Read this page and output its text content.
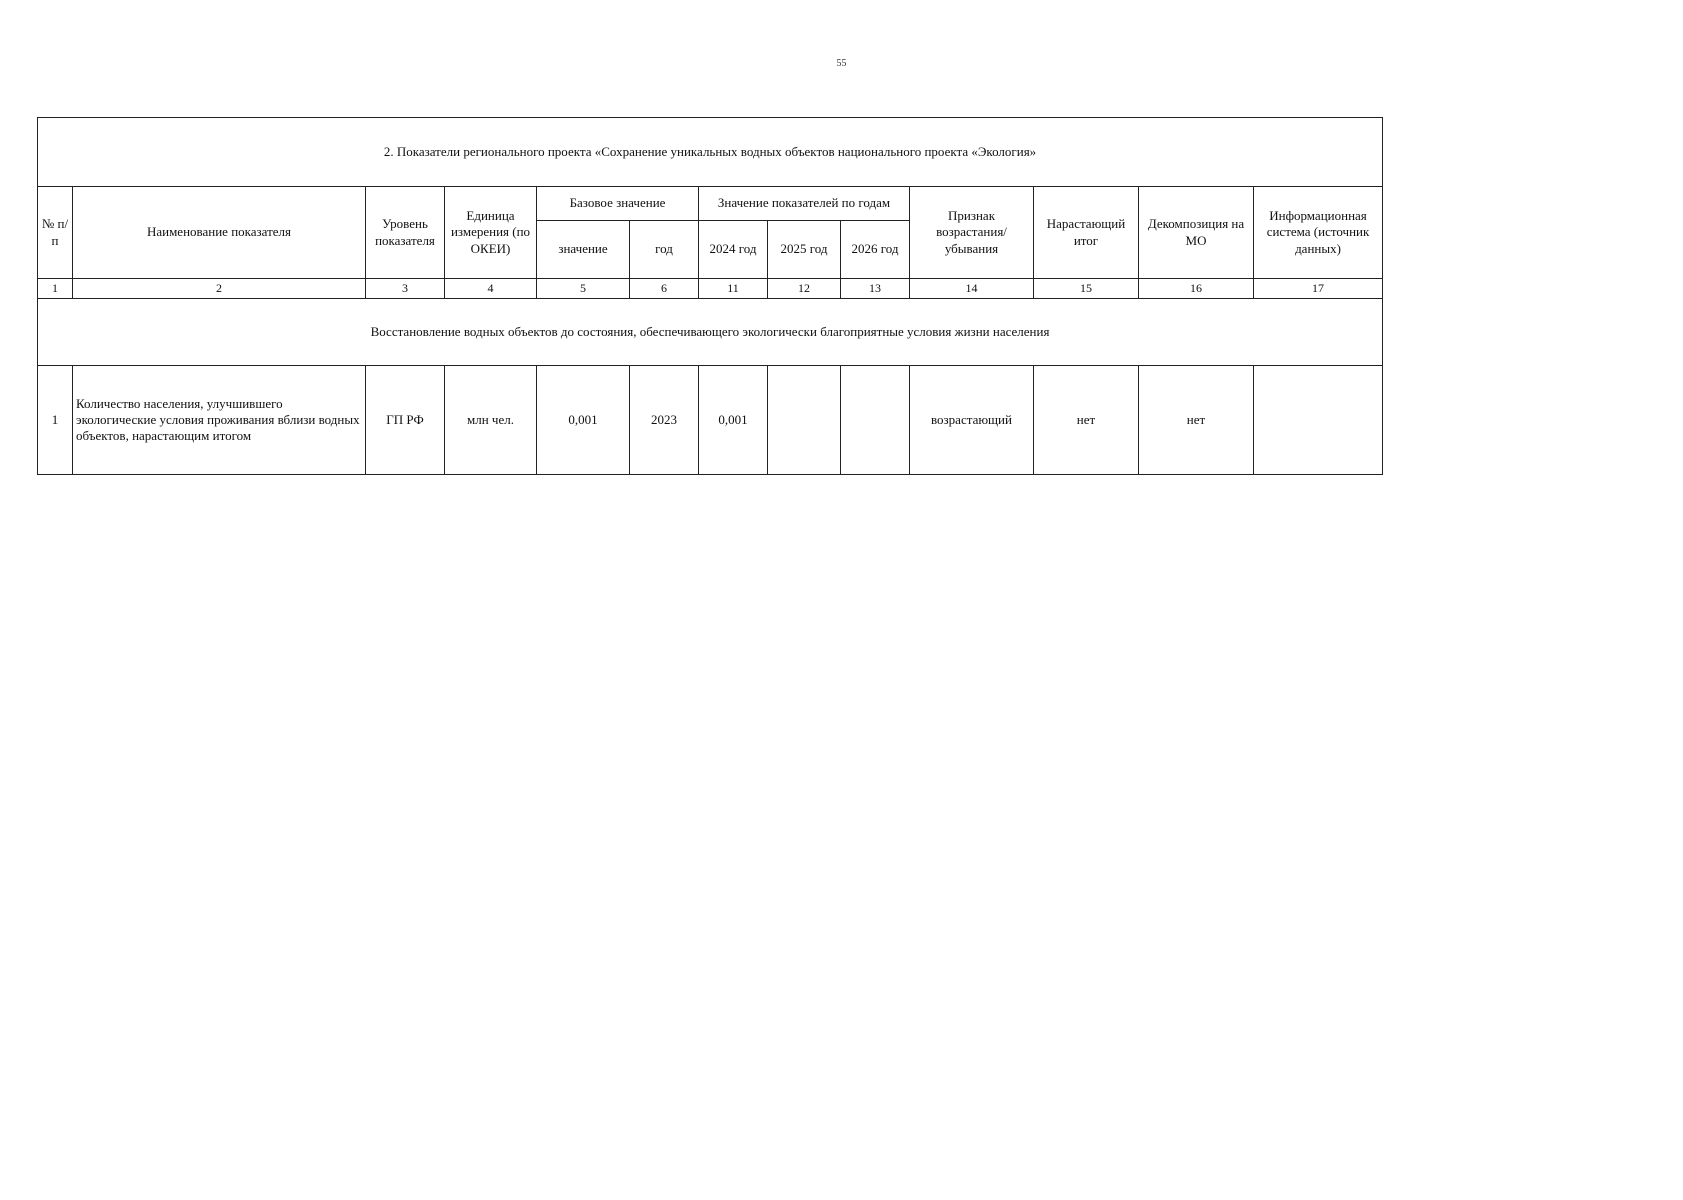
55
2. Показатели регионального проекта «Сохранение уникальных водных объектов национального проекта «Экология»												
№ п/п	Наименование показателя	Уровень показателя	Единица измерения (по ОКЕИ)	Базовое значение		Значение показателей по годам			Признак возрастания/ убывания	Нарастающий итог	Декомпозиция на МО	Информационная система (источник данных)
				значение	год	2024 год	2025 год	2026 год				
1	2	3	4	5	6	11	12	13	14	15	16	17
Восстановление водных объектов до состояния, обеспечивающего экологически благоприятные условия жизни населения												
1	Количество населения, улучшившего экологические условия проживания вблизи водных объектов, нарастающим итогом	ГП РФ	млн чел.	0,001	2023	0,001			возрастающий	нет	нет	
